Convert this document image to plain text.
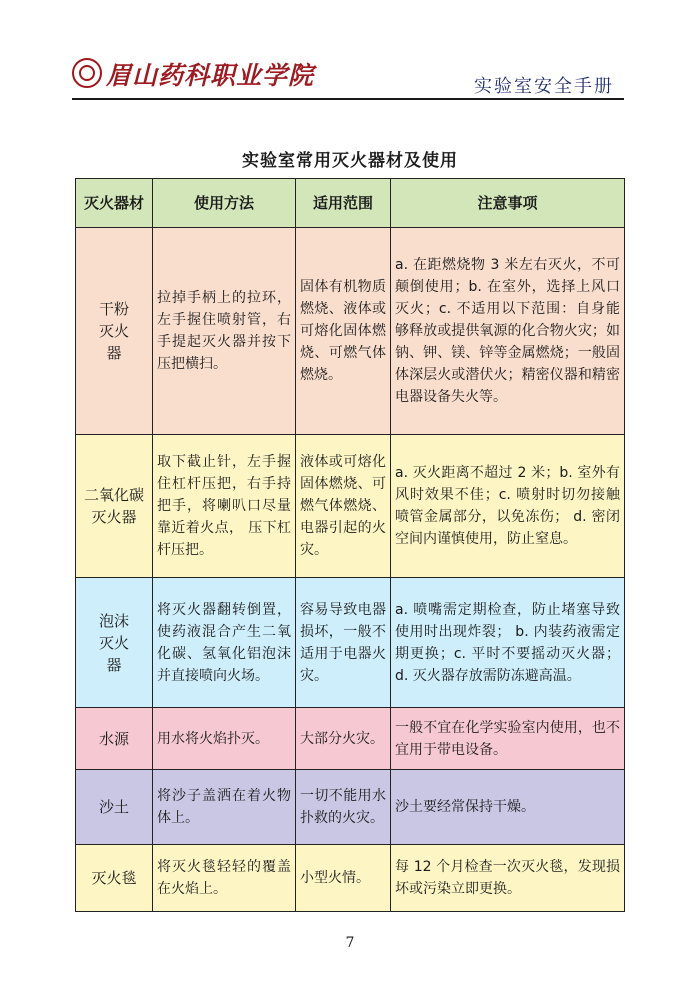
眉山药科职业学院	实验室安全手册
实验室常用灭火器材及使用
灭火器材	使用方法	适用范围	注意事项
干粉灭火器	拉掉手柄上的拉环，左手握住喷射管，右手提起灭火器并按下压把横扫。	固体有机物质燃烧、液体或可熔化固体燃烧、可燃气体燃烧。	a. 在距燃烧物 3 米左右灭火，不可颠倒使用；b. 在室外，选择上风口灭火；c. 不适用以下范围：自身能够释放或提供氧源的化合物火灾；如钠、钾、镁、锌等金属燃烧；一般固体深层火或潜伏火；精密仪器和精密电器设备失火等。
二氧化碳灭火器	取下截止针，左手握住杠杆压把，右手持把手，将喇叭口尽量靠近着火点， 压下杠杆压把。	液体或可熔化固体燃烧、可燃气体燃烧、电器引起的火灾。	a. 灭火距离不超过 2 米；b. 室外有风时效果不佳；c. 喷射时切勿接触喷管金属部分，以免冻伤； d. 密闭空间内谨慎使用，防止窒息。
泡沫灭火器	将灭火器翻转倒置，使药液混合产生二氧化碳、氢氧化铝泡沫并直接喷向火场。	容易导致电器损坏，一般不适用于电器火灾。	a. 喷嘴需定期检查，防止堵塞导致使用时出现炸裂； b. 内装药液需定期更换；c. 平时不要摇动灭火器；d. 灭火器存放需防冻避高温。
水源	用水将火焰扑灭。	大部分火灾。	一般不宜在化学实验室内使用，也不宜用于带电设备。
沙土	将沙子盖洒在着火物体上。	一切不能用水扑救的火灾。	沙土要经常保持干燥。
灭火毯	将灭火毯轻轻的覆盖在火焰上。	小型火情。	每 12 个月检查一次灭火毯，发现损坏或污染立即更换。
7
